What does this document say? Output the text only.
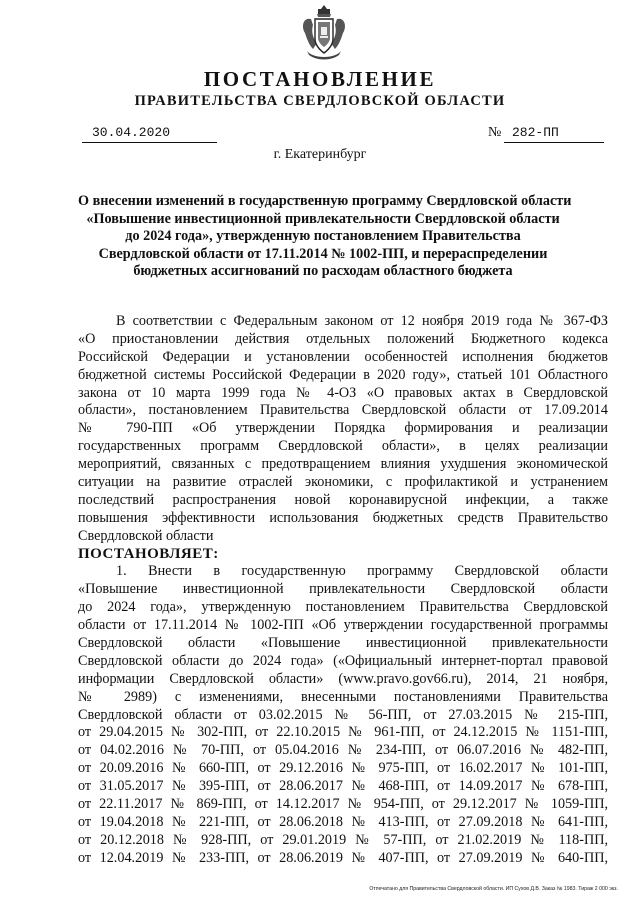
ПОСТАНОВЛЕНИЕ
ПРАВИТЕЛЬСТВА СВЕРДЛОВСКОЙ ОБЛАСТИ
30.04.2020	№ 282-ПП
г. Екатеринбург
О внесении изменений в государственную программу Свердловской области
«Повышение инвестиционной привлекательности Свердловской области
до 2024 года», утвержденную постановлением Правительства
Свердловской области от 17.11.2014 № 1002-ПП, и перераспределении
бюджетных ассигнований по расходам областного бюджета
В соответствии с Федеральным законом от 12 ноября 2019 года № 367-ФЗ
«О приостановлении действия отдельных положений Бюджетного кодекса
Российской Федерации и установлении особенностей исполнения бюджетов
бюджетной системы Российской Федерации в 2020 году», статьей 101 Областного
закона от 10 марта 1999 года № 4-ОЗ «О правовых актах в Свердловской
области», постановлением Правительства Свердловской области от 17.09.2014
№ 790-ПП «Об утверждении Порядка формирования и реализации
государственных программ Свердловской области», в целях реализации
мероприятий, связанных с предотвращением влияния ухудшения экономической
ситуации на развитие отраслей экономики, с профилактикой и устранением
последствий распространения новой коронавирусной инфекции, а также
повышения эффективности использования бюджетных средств Правительство
Свердловской области
ПОСТАНОВЛЯЕТ:
1. Внести в государственную программу Свердловской области
«Повышение инвестиционной привлекательности Свердловской области
до 2024 года», утвержденную постановлением Правительства Свердловской
области от 17.11.2014 № 1002-ПП «Об утверждении государственной программы
Свердловской области «Повышение инвестиционной привлекательности
Свердловской области до 2024 года» («Официальный интернет-портал правовой
информации Свердловской области» (www.pravo.gov66.ru), 2014, 21 ноября,
№ 2989) с изменениями, внесенными постановлениями Правительства
Свердловской области от 03.02.2015 № 56-ПП, от 27.03.2015 № 215-ПП,
от 29.04.2015 № 302-ПП, от 22.10.2015 № 961-ПП, от 24.12.2015 № 1151-ПП,
от 04.02.2016 № 70-ПП, от 05.04.2016 № 234-ПП, от 06.07.2016 № 482-ПП,
от 20.09.2016 № 660-ПП, от 29.12.2016 № 975-ПП, от 16.02.2017 № 101-ПП,
от 31.05.2017 № 395-ПП, от 28.06.2017 № 468-ПП, от 14.09.2017 № 678-ПП,
от 22.11.2017 № 869-ПП, от 14.12.2017 № 954-ПП, от 29.12.2017 № 1059-ПП,
от 19.04.2018 № 221-ПП, от 28.06.2018 № 413-ПП, от 27.09.2018 № 641-ПП,
от 20.12.2018 № 928-ПП, от 29.01.2019 № 57-ПП, от 21.02.2019 № 118-ПП,
от 12.04.2019 № 233-ПП, от 28.06.2019 № 407-ПП, от 27.09.2019 № 640-ПП,
Отпечатано для Правительства Свердловской области. ИП Сухов Д.В. Заказ № 1983. Тираж 2 000 экз.
